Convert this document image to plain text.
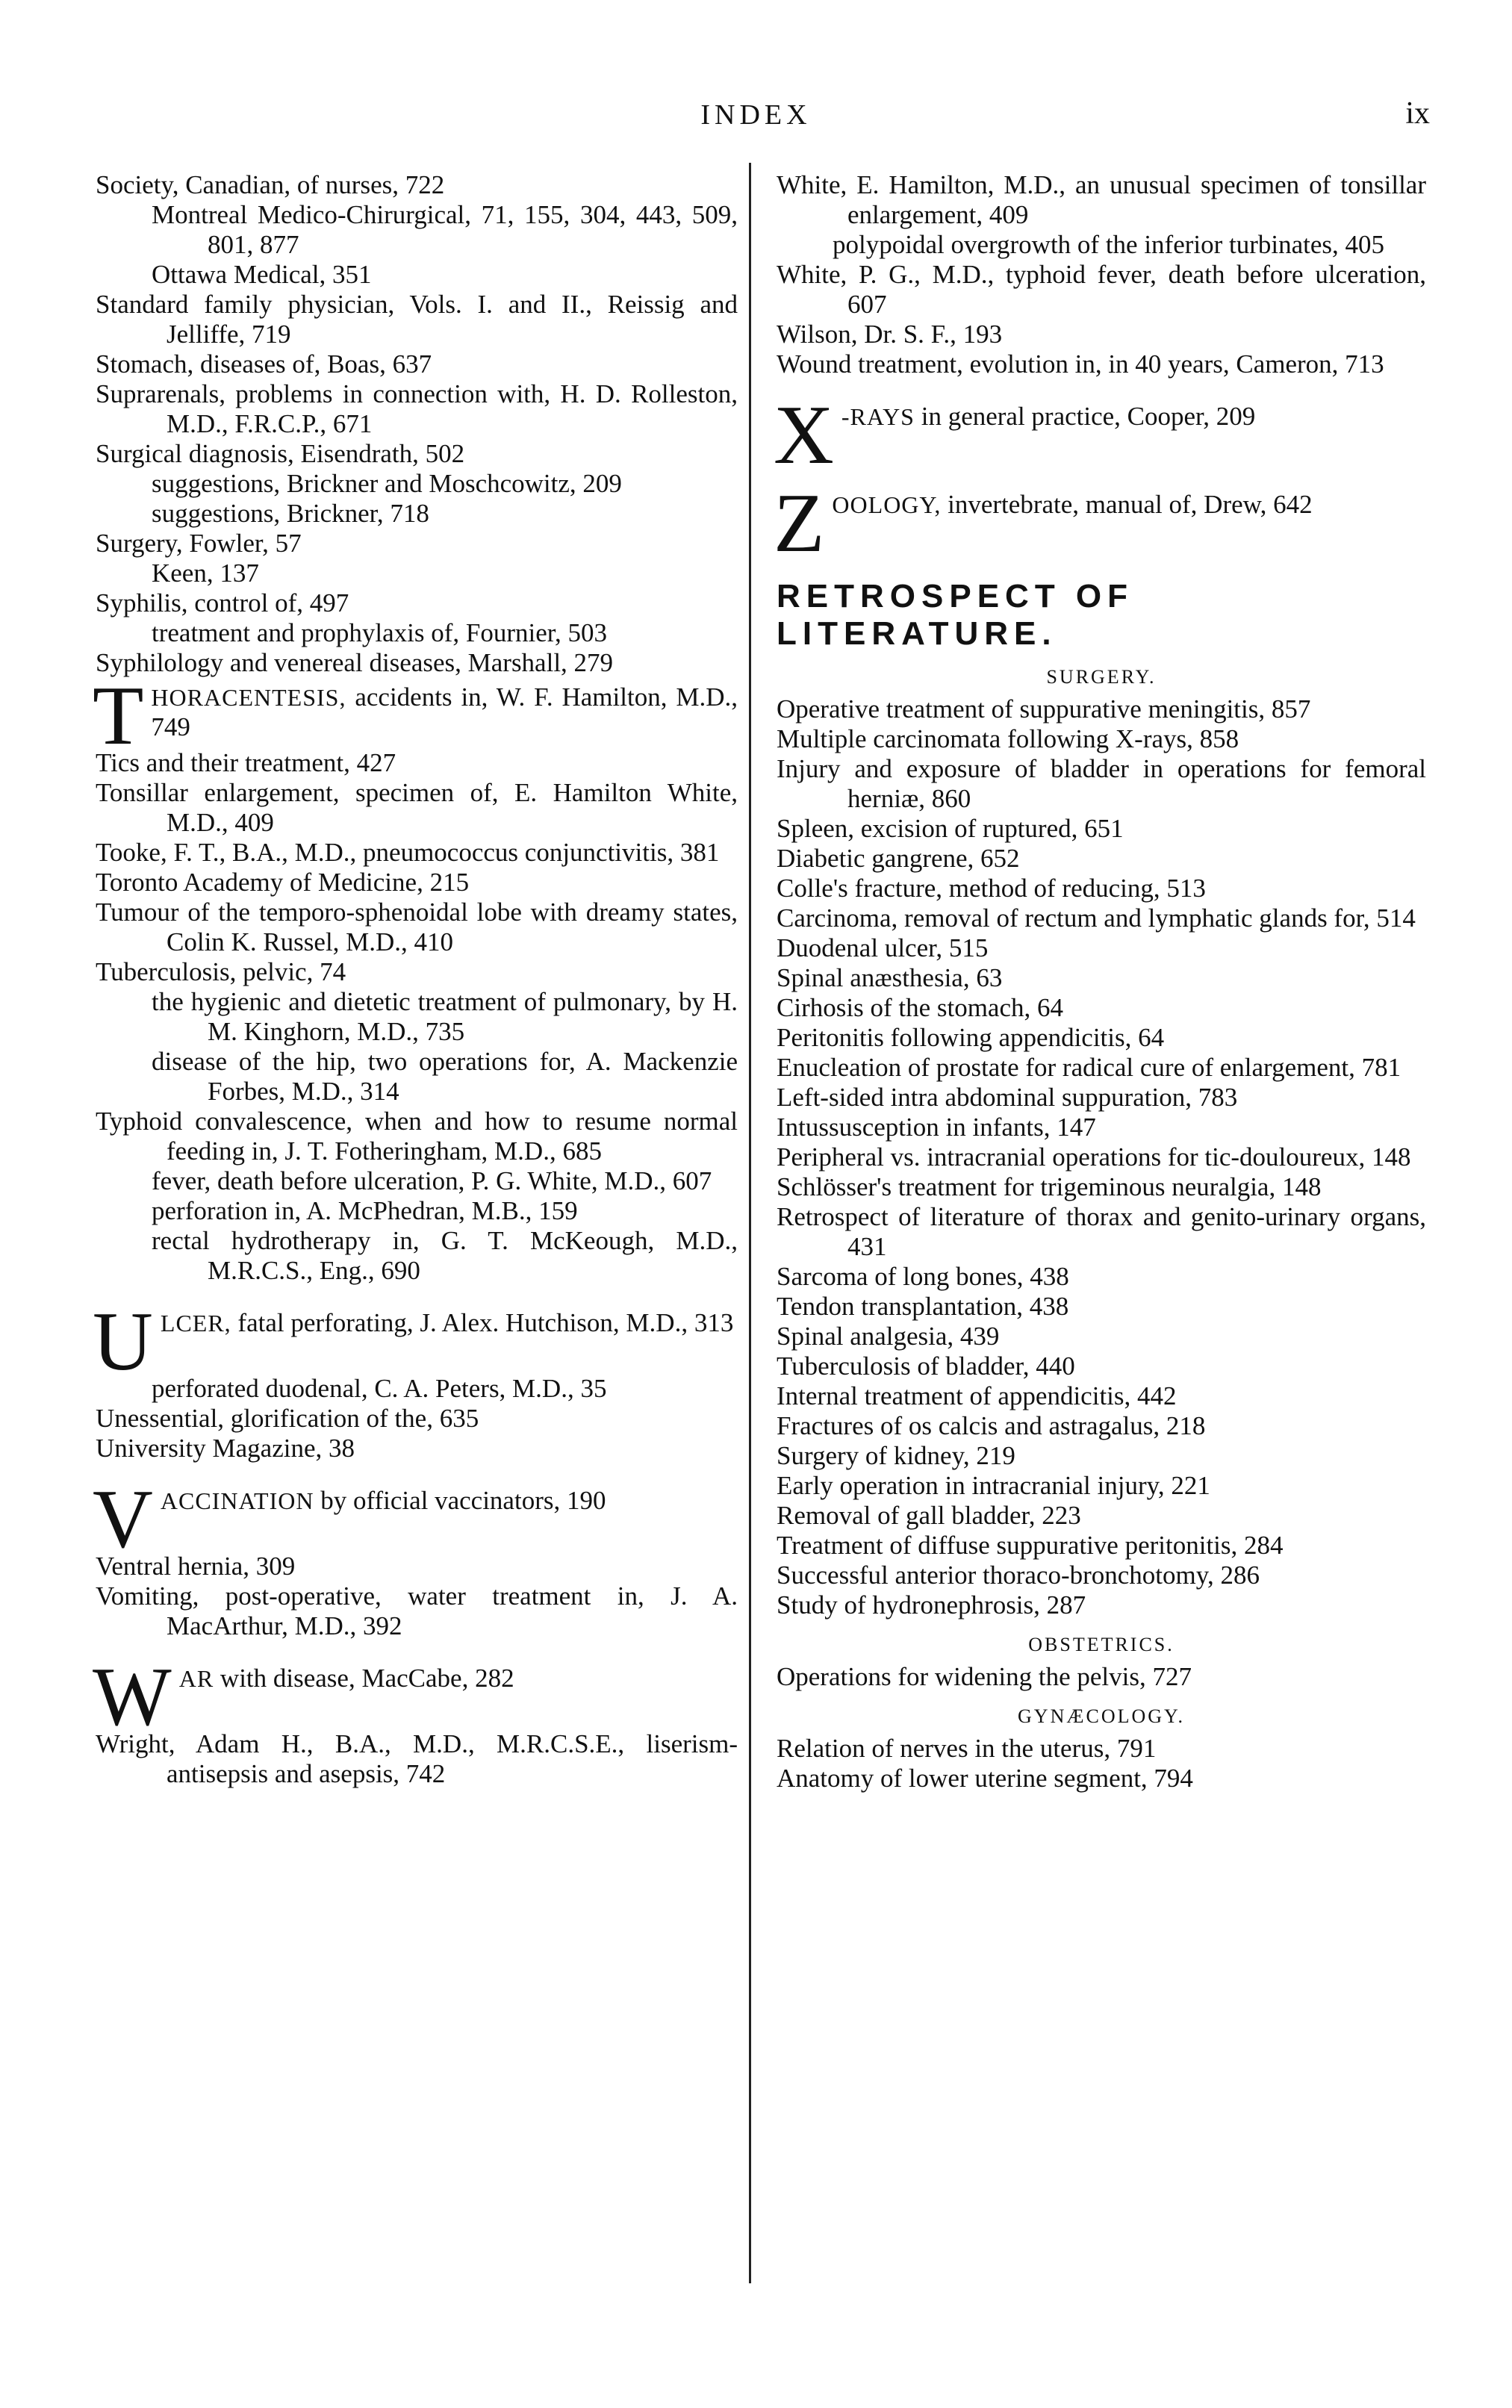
INDEX	ix

Society, Canadian, of nurses, 722

Montreal Medico-Chirurgical, 71, 155, 304, 443, 509, 801, 877

Ottawa Medical, 351

Standard family physician, Vols. I. and II., Reissig and Jelliffe, 719

Stomach, diseases of, Boas, 637

Suprarenals, problems in connection with, H. D. Rolleston, M.D., F.R.C.P., 671

Surgical diagnosis, Eisendrath, 502

suggestions, Brickner and Moschcowitz, 209

suggestions, Brickner, 718

Surgery, Fowler, 57

Keen, 137

Syphilis, control of, 497

treatment and prophylaxis of, Fournier, 503

Syphilology and venereal diseases, Marshall, 279

THORACENTESIS, accidents in, W. F. Hamilton, M.D., 749

Tics and their treatment, 427

Tonsillar enlargement, specimen of, E. Hamilton White, M.D., 409

Tooke, F. T., B.A., M.D., pneumococcus conjunctivitis, 381

Toronto Academy of Medicine, 215

Tumour of the temporo-sphenoidal lobe with dreamy states, Colin K. Russel, M.D., 410

Tuberculosis, pelvic, 74

the hygienic and dietetic treatment of pulmonary, by H. M. Kinghorn, M.D., 735

disease of the hip, two operations for, A. Mackenzie Forbes, M.D., 314

Typhoid convalescence, when and how to resume normal feeding in, J. T. Fotheringham, M.D., 685

fever, death before ulceration, P. G. White, M.D., 607

perforation in, A. McPhedran, M.B., 159

rectal hydrotherapy in, G. T. McKeough, M.D., M.R.C.S., Eng., 690

ULCER, fatal perforating, J. Alex. Hutchison, M.D., 313

perforated duodenal, C. A. Peters, M.D., 35

Unessential, glorification of the, 635

University Magazine, 38

VACCINATION by official vaccinators, 190

Ventral hernia, 309

Vomiting, post-operative, water treatment in, J. A. MacArthur, M.D., 392

WAR with disease, MacCabe, 282

Wright, Adam H., B.A., M.D., M.R.C.S.E., liserism-antisepsis and asepsis, 742

White, E. Hamilton, M.D., an unusual specimen of tonsillar enlargement, 409

polypoidal overgrowth of the inferior turbinates, 405

White, P. G., M.D., typhoid fever, death before ulceration, 607

Wilson, Dr. S. F., 193

Wound treatment, evolution in, in 40 years, Cameron, 713

X -RAYS in general practice, Cooper, 209
ZOOLOGY, invertebrate, manual of, Drew, 642
RETROSPECT OF LITERATURE.
SURGERY.

Operative treatment of suppurative meningitis, 857

Multiple carcinomata following X-rays, 858

Injury and exposure of bladder in operations for femoral herniæ, 860

Spleen, excision of ruptured, 651

Diabetic gangrene, 652

Colle's fracture, method of reducing, 513

Carcinoma, removal of rectum and lymphatic glands for, 514

Duodenal ulcer, 515

Spinal anæsthesia, 63

Cirhosis of the stomach, 64

Peritonitis following appendicitis, 64

Enucleation of prostate for radical cure of enlargement, 781

Left-sided intra abdominal suppuration, 783

Intussusception in infants, 147

Peripheral vs. intracranial operations for tic-douloureux, 148

Schlösser's treatment for trigeminous neuralgia, 148

Retrospect of literature of thorax and genito-urinary organs, 431

Sarcoma of long bones, 438

Tendon transplantation, 438

Spinal analgesia, 439

Tuberculosis of bladder, 440

Internal treatment of appendicitis, 442

Fractures of os calcis and astragalus, 218

Surgery of kidney, 219

Early operation in intracranial injury, 221

Removal of gall bladder, 223

Treatment of diffuse suppurative peritonitis, 284

Successful anterior thoraco-bronchotomy, 286

Study of hydronephrosis, 287

OBSTETRICS.

Operations for widening the pelvis, 727

GYNÆCOLOGY.

Relation of nerves in the uterus, 791

Anatomy of lower uterine segment, 794
